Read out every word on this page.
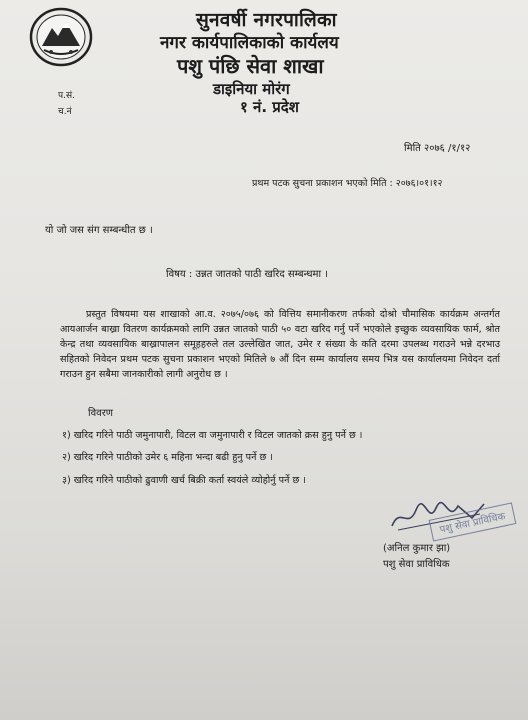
सुनवर्षी नगरपालिका
नगर कार्यपालिकाको कार्यलय
पशु पंछि सेवा शाखा
डाइनिया मोरंग
१ नं. प्रदेश
प.सं.
च.नं
मिति २०७६ /१/१२
प्रथम पटक सुचना प्रकाशन भएको मिति : २०७६।०१।१२
यो जो जस संग सम्बन्धीत छ ।
विषय : उन्नत जातको पाठी खरिद सम्बन्धमा ।
प्रस्तुत विषयमा यस शाखाको आ.व. २०७५/०७६ को वित्तिय समानीकरण तर्फको दोश्रो चौमासिक कार्यक्रम अन्तर्गत आयआर्जन बाख्रा वितरण कार्यक्रमको लागि उन्नत जातको पाठी ५० वटा खरिद गर्नु पर्ने भएकोले इच्छुक व्यवसायिक फार्म, श्रोत केन्द्र तथा व्यवसायिक बाख्रापालन समूहहरुले तल उल्लेखित जात, उमेर र संख्या के कति दरमा उपलब्ध गराउने भन्ने दरभाउ सहितको निवेदन प्रथम पटक सुचना प्रकाशन भएको मितिले ७ औं दिन सम्म कार्यालय समय भित्र यस कार्यालयमा निवेदन दर्ता गराउन हुन सबैमा जानकारीको लागी अनुरोध छ ।
विवरण
१) खरिद गरिने पाठी जमुनापारी, विटल वा जमुनापारी र विटल जातको क्रस हुनु पर्ने छ ।
२) खरिद गरिने पाठीको उमेर ६ महिना भन्दा बढी हुनु पर्ने छ ।
३) खरिद गरिने पाठीको ढुवाणी खर्च बिक्री कर्ता स्वयंले व्योहोर्नु पर्ने छ ।
पशु सेवा प्राविधिक
(अनिल कुमार झा)
पशु सेवा प्राविधिक
